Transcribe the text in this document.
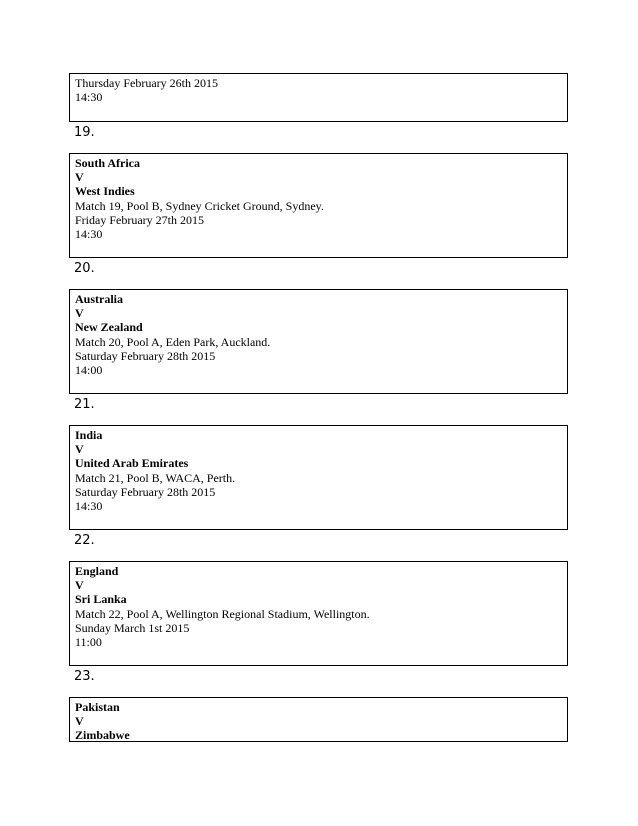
Thursday February 26th 2015
14:30
19.
South Africa
V
West Indies
Match 19, Pool B, Sydney Cricket Ground, Sydney.
Friday February 27th 2015
14:30
20.
Australia
V
New Zealand
Match 20, Pool A, Eden Park, Auckland.
Saturday February 28th 2015
14:00
21.
India
V
United Arab Emirates
Match 21, Pool B, WACA, Perth.
Saturday February 28th 2015
14:30
22.
England
V
Sri Lanka
Match 22, Pool A, Wellington Regional Stadium, Wellington.
Sunday March 1st 2015
11:00
23.
Pakistan
V
Zimbabwe
